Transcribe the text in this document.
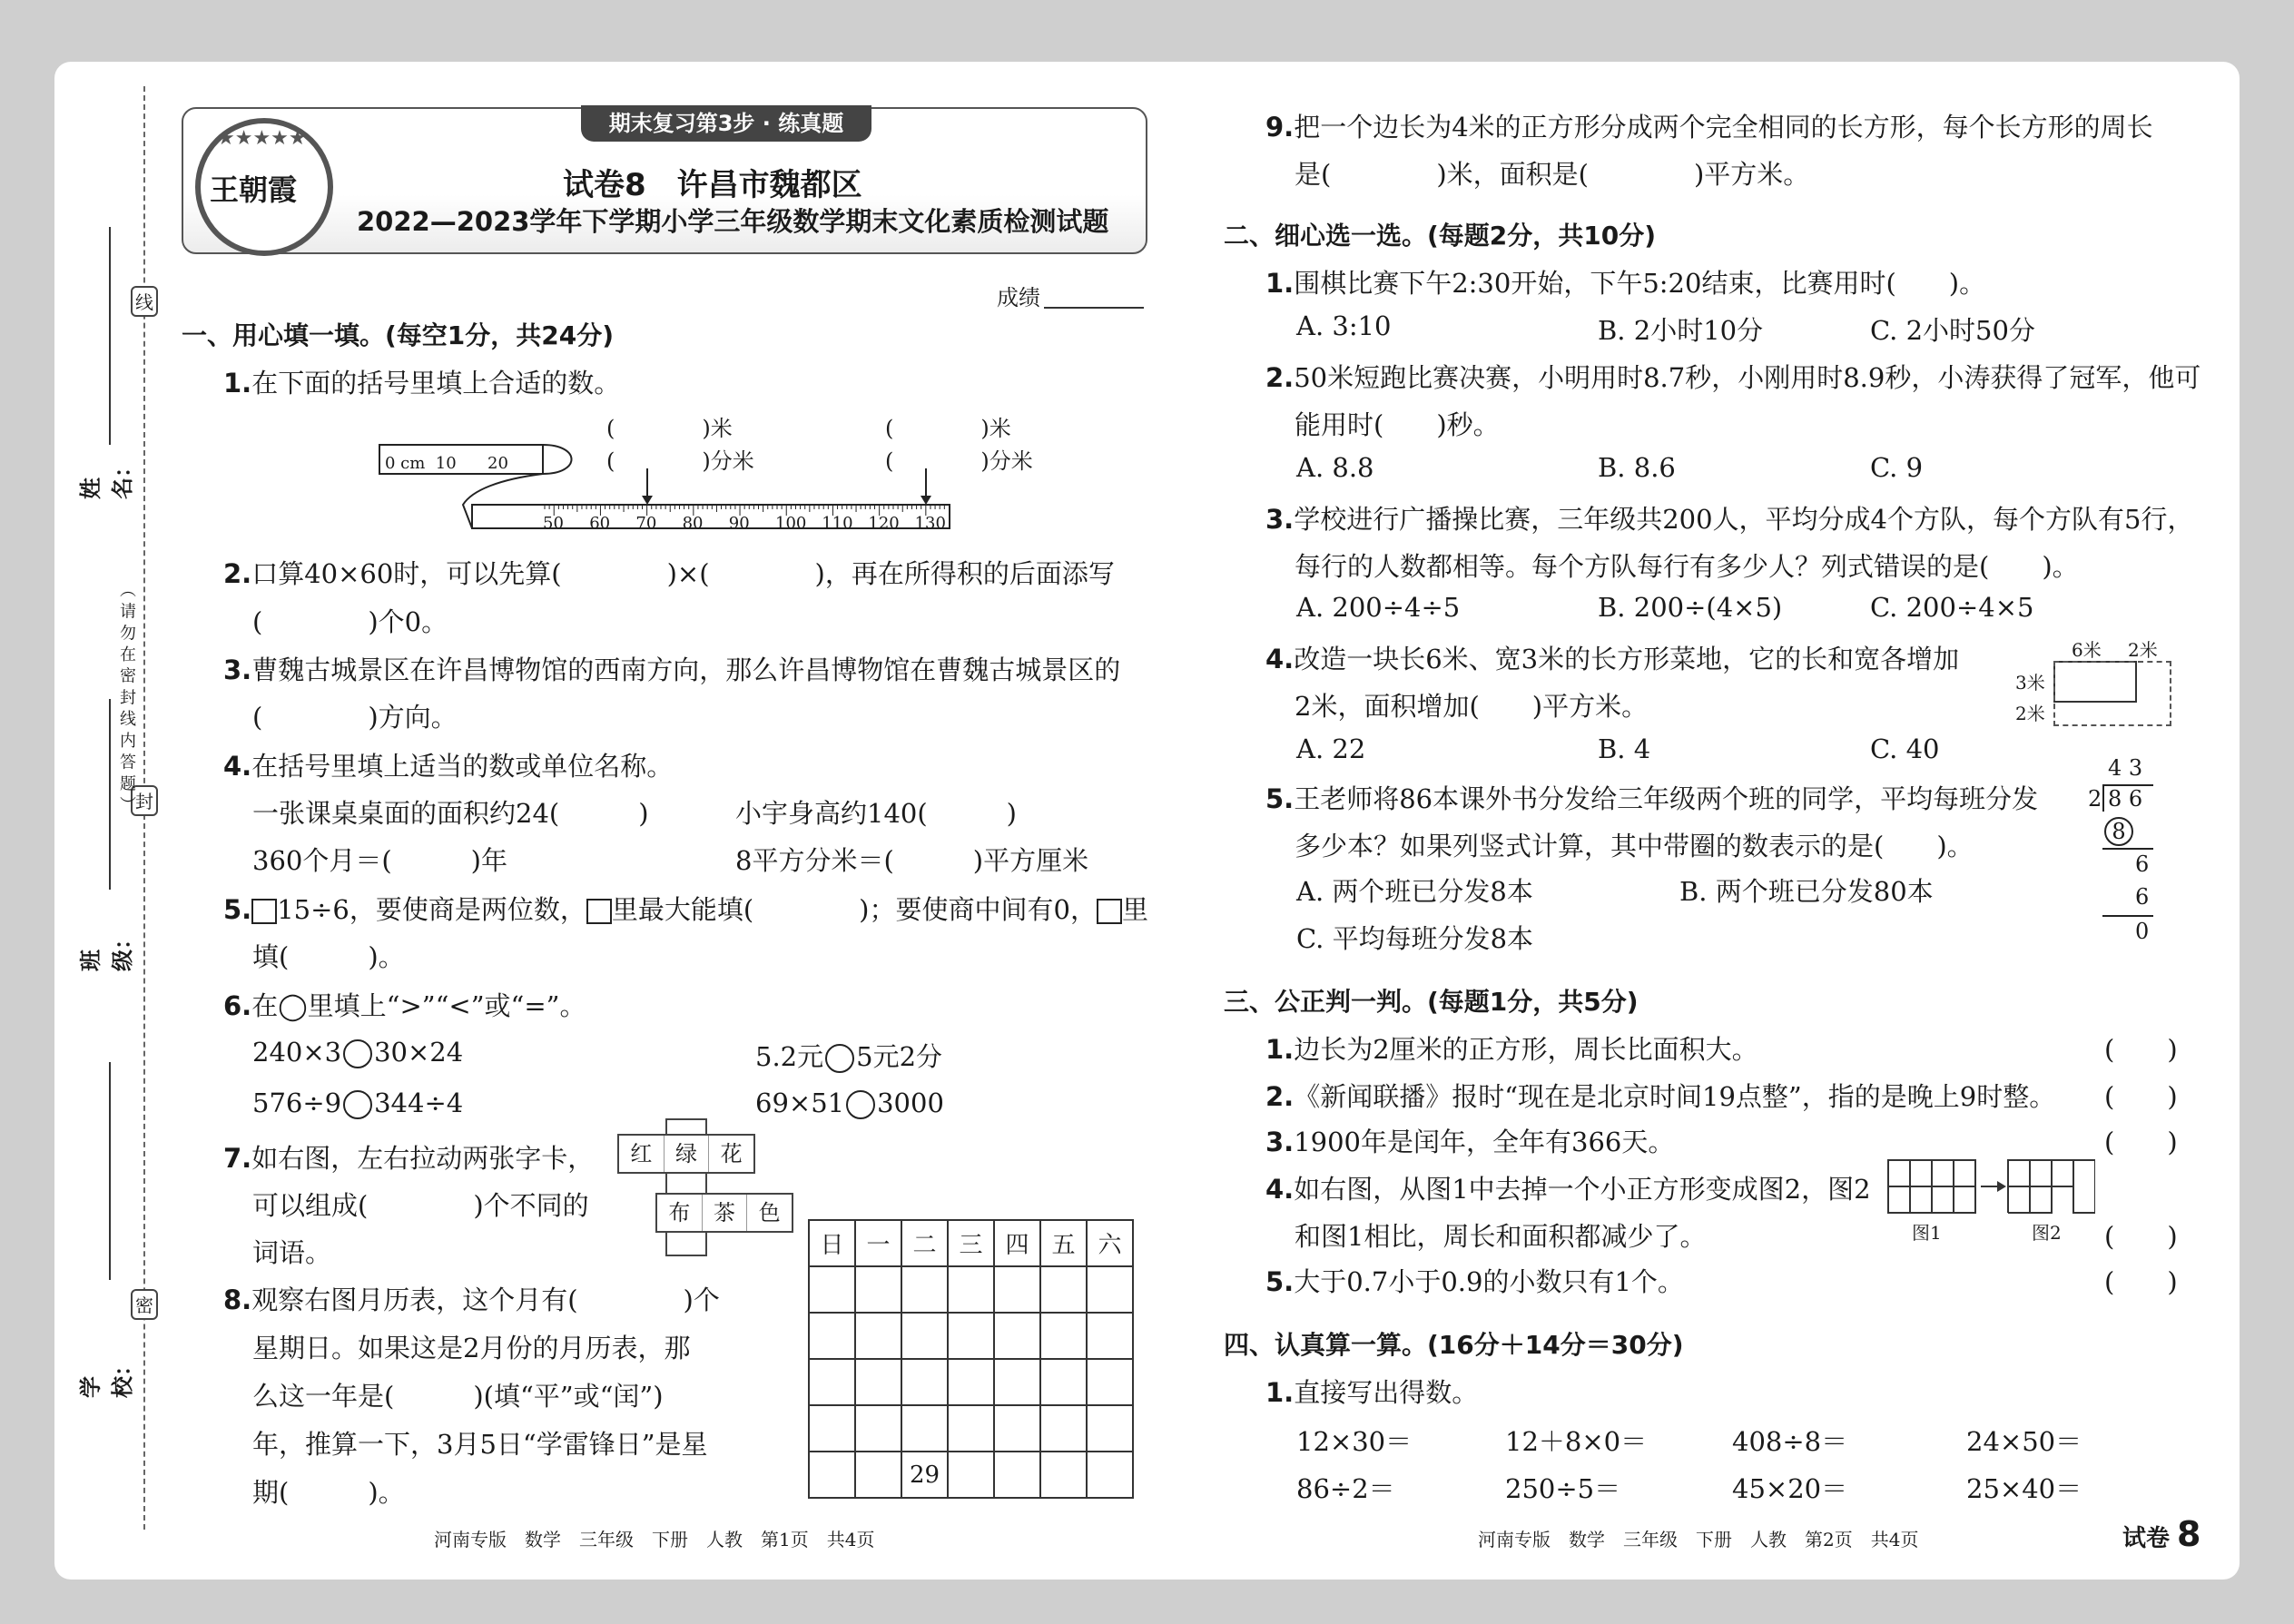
线
封
密
姓名：
（ 请 勿 在 密 封 线 内 答 题 ）
班级：
学校：
期末复习第3步 · 练真题
★★★★★
王朝霞	试卷8　许昌市魏都区
2022—2023学年下学期小学三年级数学期末文化素质检测试题
成绩
一、用心填一填。(每空1分，共24分)
1.在下面的括号里填上合适的数。
(　　　　)米
(　　　　)分米
(　　　　)米
(　　　　)分米
0 cm  10      20
50 60 70 80 90 100 110 120 130
2.口算40×60时，可以先算(　　　　)×(　　　　)，再在所得积的后面添写
(　　　　)个0。
3.曹魏古城景区在许昌博物馆的西南方向，那么许昌博物馆在曹魏古城景区的
(　　　　)方向。
4.在括号里填上适当的数或单位名称。
一张课桌桌面的面积约24(　　　)	小宇身高约140(　　　)
360个月＝(　　　)年	8平方分米＝(　　　)平方厘米
5. 15÷6，要使商是两位数， 里最大能填(　　　　)；要使商中间有0， 里
填(　　　)。
6.在◯里填上“>”“<”或“=”。
240×3 30×24	5.2元 5元2分
576÷9 344÷4	69×51 3000
7.如右图，左右拉动两张字卡，
可以组成(　　　　)个不同的
词语。
红	绿	花
布	茶	色
8.观察右图月历表，这个月有(　　　　)个
星期日。如果这是2月份的月历表，那
么这一年是(　　　)(填“平”或“闰”)
年，推算一下，3月5日“学雷锋日”是星
期(　　　)。
日	一	二	三	四	五	六

		29				
河南专版　数学　三年级　下册　人教　第1页　共4页
9.把一个边长为4米的正方形分成两个完全相同的长方形，每个长方形的周长
是(　　　　)米，面积是(　　　　)平方米。
二、细心选一选。(每题2分，共10分)
1.围棋比赛下午2:30开始，下午5:20结束，比赛用时(　　)。
A. 3:10	B. 2小时10分	C. 2小时50分
2.50米短跑比赛决赛，小明用时8.7秒，小刚用时8.9秒，小涛获得了冠军，他可
能用时(　　)秒。
A. 8.8	B. 8.6	C. 9
3.学校进行广播操比赛，三年级共200人，平均分成4个方队，每个方队有5行，
每行的人数都相等。每个方队每行有多少人？列式错误的是(　　)。
A. 200÷4÷5	B. 200÷(4×5)	C. 200÷4×5
4.改造一块长6米、宽3米的长方形菜地，它的长和宽各增加
2米，面积增加(　　)平方米。
A. 22	B. 4	C. 40
6米 2米
3米
2米
5.王老师将86本课外书分发给三年级两个班的同学，平均每班分发
多少本？如果列竖式计算，其中带圈的数表示的是(　　)。
A. 两个班已分发8本	B. 两个班已分发80本
C. 平均每班分发8本
4 3
2 8 6
8
6
6
0
三、公正判一判。(每题1分，共5分)
1.边长为2厘米的正方形，周长比面积大。	(　　)
2.《新闻联播》报时“现在是北京时间19点整”，指的是晚上9时整。 (　　)
3.1900年是闰年，全年有366天。	(　　)
4.如右图，从图1中去掉一个小正方形变成图2，图2
和图1相比，周长和面积都减少了。	(　　)
图1	图2
5.大于0.7小于0.9的小数只有1个。	(　　)
四、认真算一算。(16分＋14分＝30分)
1.直接写出得数。
12×30＝	12＋8×0＝	408÷8＝	24×50＝
86÷2＝	250÷5＝	45×20＝	25×40＝
河南专版　数学　三年级　下册　人教　第2页　共4页	试卷 8
